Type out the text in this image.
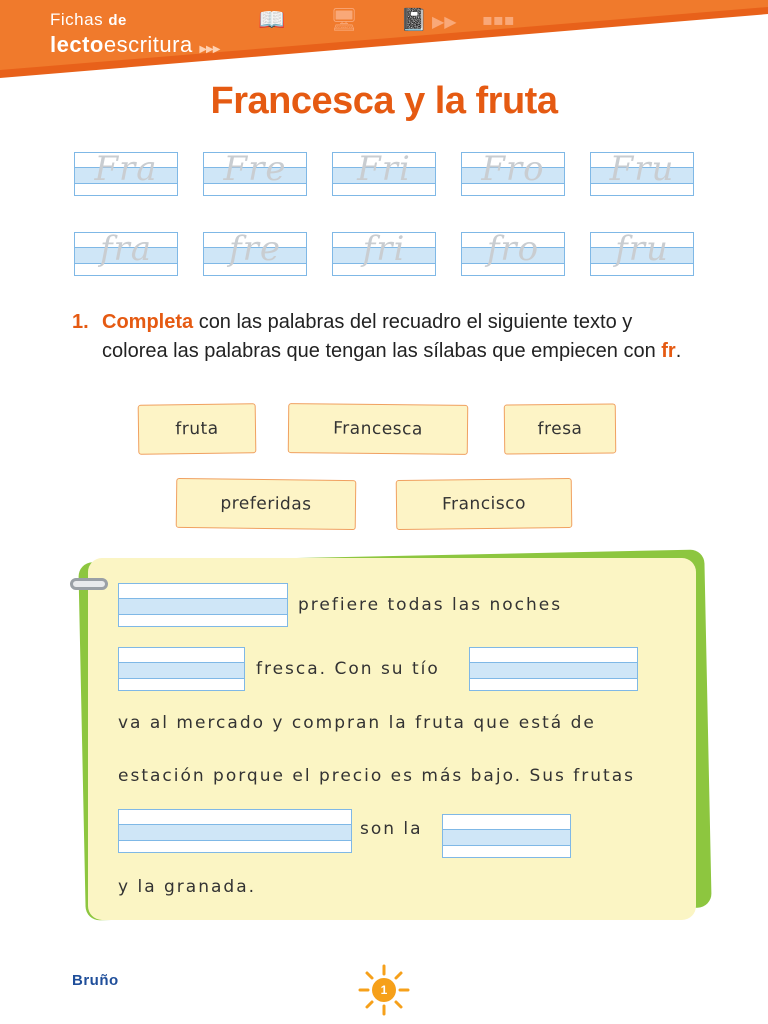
Fichas de
lectoescritura ▶▶▶
📖 🖥 📓 ▶▶ ▪▪▪
Francesca y la fruta
Fra	Fre	Fri	Fro	Fru
fra	fre	fri	fro	fru
1. Completa con las palabras del recuadro el siguiente texto y colorea las palabras que tengan las sílabas que empiecen con fr.
fruta	Francesca	fresa
preferidas	Francisco
prefiere todas las noches
fresca. Con su tío
va al mercado y compran la fruta que está de
estación porque el precio es más bajo. Sus frutas
son la
y la granada.
Bruño
1
